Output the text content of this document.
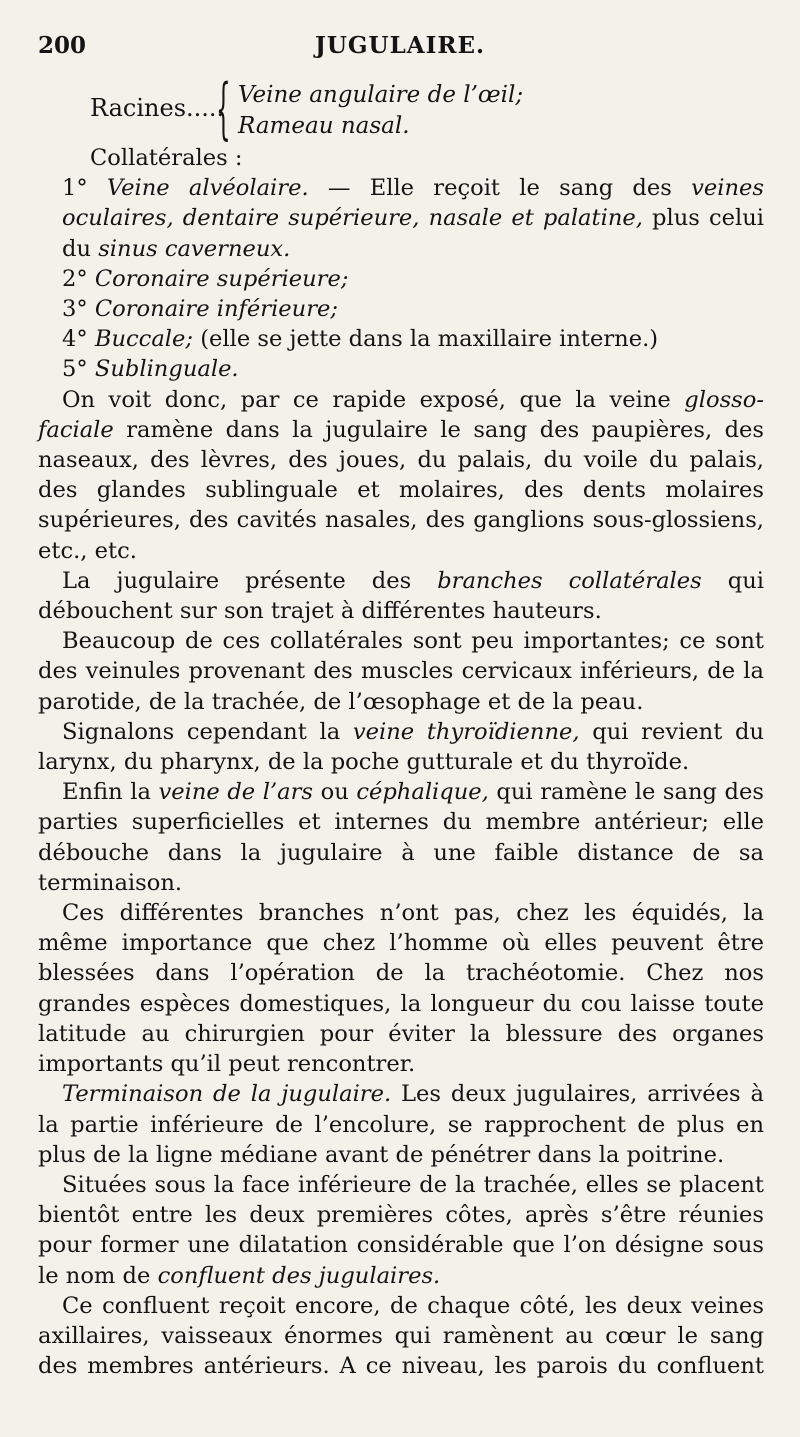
200	JUGULAIRE.
Racines.....
{ Veine angulaire de l’œil;
Rameau nasal.

Collatérales :

1° Veine alvéolaire. — Elle reçoit le sang des veines oculaires, dentaire supérieure, nasale et palatine, plus celui du sinus caverneux.

2° Coronaire supérieure;

3° Coronaire inférieure;

4° Buccale; (elle se jette dans la maxillaire interne.)

5° Sublinguale.

On voit donc, par ce rapide exposé, que la veine glosso-faciale ramène dans la jugulaire le sang des paupières, des naseaux, des lèvres, des joues, du palais, du voile du palais, des glandes sublinguale et molaires, des dents molaires supérieures, des cavités nasales, des ganglions sous-glossiens, etc., etc.

La jugulaire présente des branches collatérales qui débouchent sur son trajet à différentes hauteurs.

Beaucoup de ces collatérales sont peu importantes; ce sont des veinules provenant des muscles cervicaux inférieurs, de la parotide, de la trachée, de l’œsophage et de la peau.

Signalons cependant la veine thyroïdienne, qui revient du larynx, du pharynx, de la poche gutturale et du thyroïde.

Enfin la veine de l’ars ou céphalique, qui ramène le sang des parties superficielles et internes du membre antérieur; elle débouche dans la jugulaire à une faible distance de sa terminaison.

Ces différentes branches n’ont pas, chez les équidés, la même importance que chez l’homme où elles peuvent être blessées dans l’opération de la trachéotomie. Chez nos grandes espèces domestiques, la longueur du cou laisse toute latitude au chirurgien pour éviter la blessure des organes importants qu’il peut rencontrer.

Terminaison de la jugulaire. Les deux jugulaires, arrivées à la partie inférieure de l’encolure, se rapprochent de plus en plus de la ligne médiane avant de pénétrer dans la poitrine.

Situées sous la face inférieure de la trachée, elles se placent bientôt entre les deux premières côtes, après s’être réunies pour former une dilatation considérable que l’on désigne sous le nom de confluent des jugulaires.

Ce confluent reçoit encore, de chaque côté, les deux veines axillaires, vaisseaux énormes qui ramènent au cœur le sang des membres antérieurs. A ce niveau, les parois du confluent
